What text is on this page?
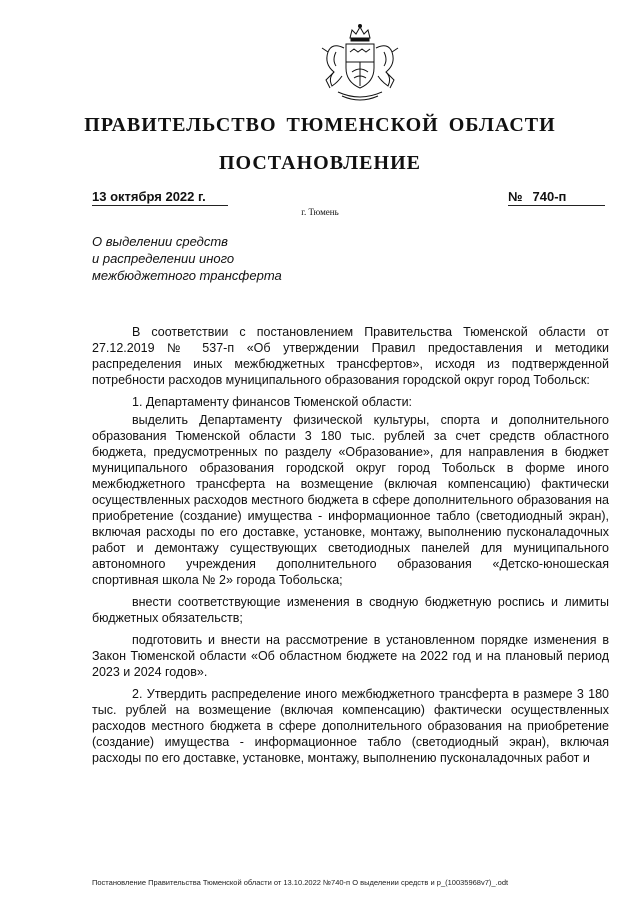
ПРАВИТЕЛЬСТВО ТЮМЕНСКОЙ ОБЛАСТИ
ПОСТАНОВЛЕНИЕ
13 октября 2022 г.	№ 740-п
г. Тюмень
О выделении средств
и распределении иного
межбюджетного трансферта

В соответствии с постановлением Правительства Тюменской области от 27.12.2019 № 537-п «Об утверждении Правил предоставления и методики распределения иных межбюджетных трансфертов», исходя из подтвержденной потребности расходов муниципального образования городской округ город Тобольск:

1. Департаменту финансов Тюменской области:

выделить Департаменту физической культуры, спорта и дополнительного образования Тюменской области 3 180 тыс. рублей за счет средств областного бюджета, предусмотренных по разделу «Образование», для направления в бюджет муниципального образования городской округ город Тобольск в форме иного межбюджетного трансферта на возмещение (включая компенсацию) фактически осуществленных расходов местного бюджета в сфере дополнительного образования на приобретение (создание) имущества - информационное табло (светодиодный экран), включая расходы по его доставке, установке, монтажу, выполнению пусконаладочных работ и демонтажу существующих светодиодных панелей для муниципального автономного учреждения дополнительного образования «Детско-юношеская спортивная школа № 2» города Тобольска;

внести соответствующие изменения в сводную бюджетную роспись и лимиты бюджетных обязательств;

подготовить и внести на рассмотрение в установленном порядке изменения в Закон Тюменской области «Об областном бюджете на 2022 год и на плановый период 2023 и 2024 годов».

2. Утвердить распределение иного межбюджетного трансферта в размере 3 180 тыс. рублей на возмещение (включая компенсацию) фактически осуществленных расходов местного бюджета в сфере дополнительного образования на приобретение (создание) имущества - информационное табло (светодиодный экран), включая расходы по его доставке, установке, монтажу, выполнению пусконаладочных работ и

Постановление Правительства Тюменской области от 13.10.2022 №740-п О выделении средств и р_(10035968v7)_.odt
